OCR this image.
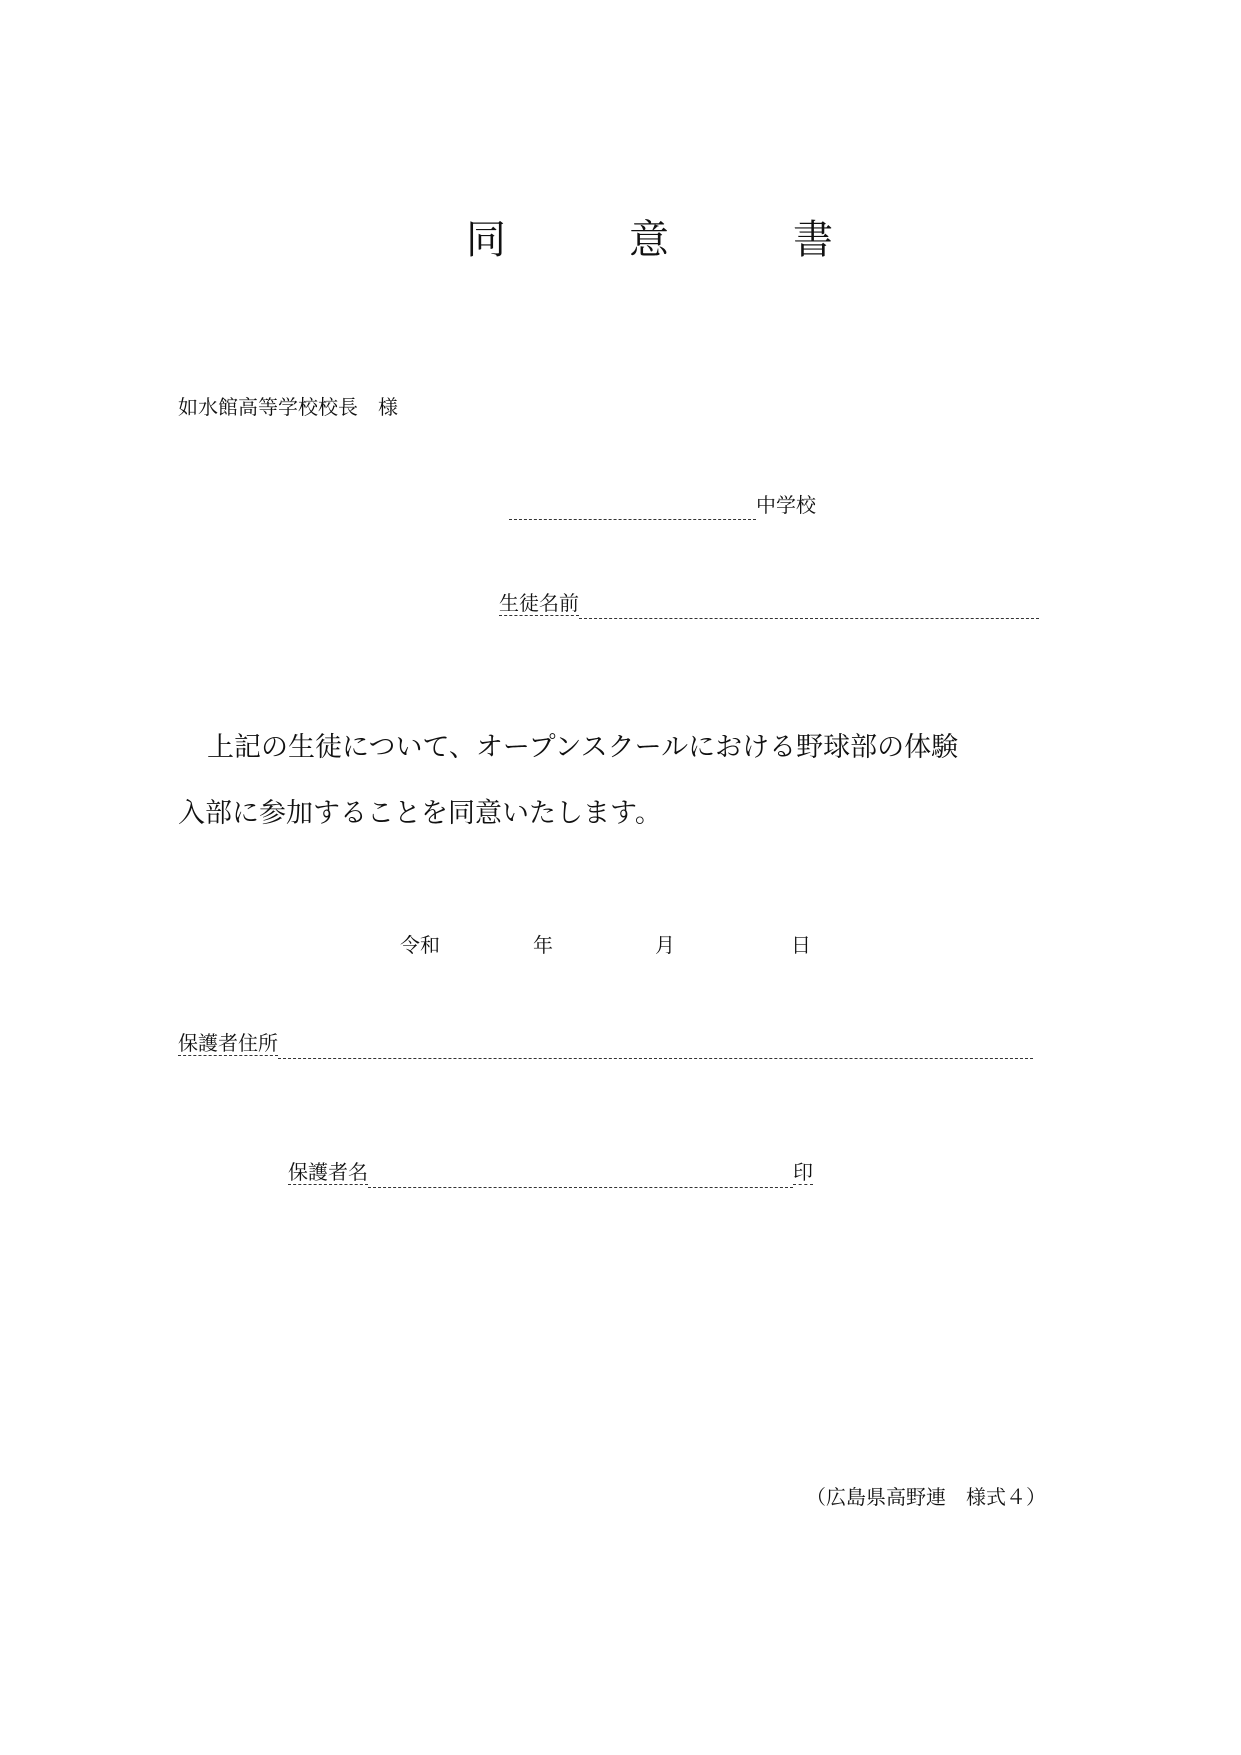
同	意	書
如水館高等学校校長　様
中学校
生徒名前

上記の生徒について、オープンスクールにおける野球部の体験

入部に参加することを同意いたします。

令和	年	月	日
保護者住所
保護者名	印
（広島県高野連　様式４）
